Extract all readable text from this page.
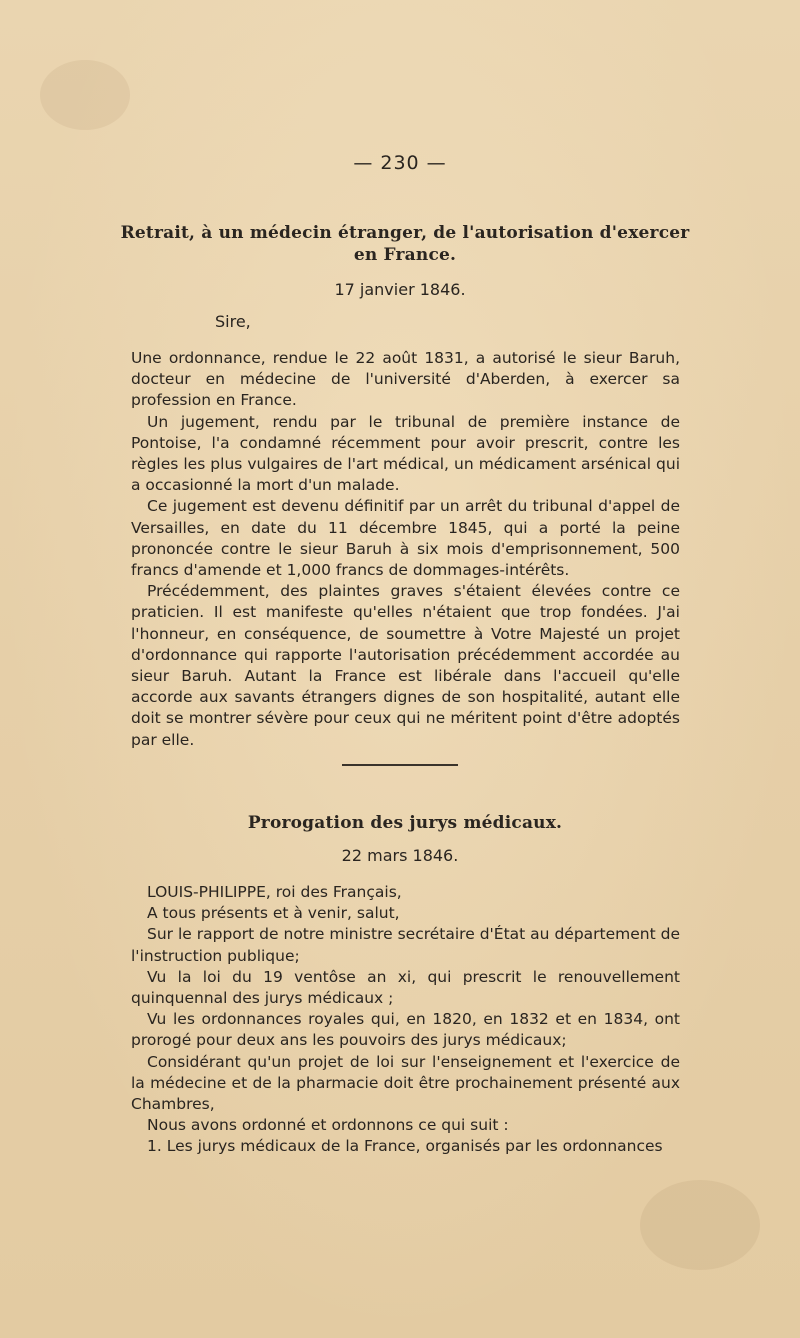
— 230 —
Retrait, à un médecin étranger, de l'autorisation d'exercer en France.
17 janvier 1846.
Sire,

Une ordonnance, rendue le 22 août 1831, a autorisé le sieur Baruh, docteur en médecine de l'université d'Aberden, à exercer sa profession en France.

Un jugement, rendu par le tribunal de première instance de Pontoise, l'a condamné récemment pour avoir prescrit, contre les règles les plus vulgaires de l'art médical, un médicament arsénical qui a occasionné la mort d'un malade.

Ce jugement est devenu définitif par un arrêt du tribunal d'appel de Versailles, en date du 11 décembre 1845, qui a porté la peine prononcée contre le sieur Baruh à six mois d'emprisonnement, 500 francs d'amende et 1,000 francs de dommages-intérêts.

Précédemment, des plaintes graves s'étaient élevées contre ce praticien. Il est manifeste qu'elles n'étaient que trop fondées. J'ai l'honneur, en conséquence, de soumettre à Votre Majesté un projet d'ordonnance qui rapporte l'autorisation précédemment accordée au sieur Baruh. Autant la France est libérale dans l'accueil qu'elle accorde aux savants étrangers dignes de son hospitalité, autant elle doit se montrer sévère pour ceux qui ne méritent point d'être adoptés par elle.

Prorogation des jurys médicaux.
22 mars 1846.

LOUIS-PHILIPPE, roi des Français,

A tous présents et à venir, salut,

Sur le rapport de notre ministre secrétaire d'État au département de l'instruction publique;

Vu la loi du 19 ventôse an xi, qui prescrit le renouvellement quinquennal des jurys médicaux ;

Vu les ordonnances royales qui, en 1820, en 1832 et en 1834, ont prorogé pour deux ans les pouvoirs des jurys médicaux;

Considérant qu'un projet de loi sur l'enseignement et l'exercice de la médecine et de la pharmacie doit être prochainement présenté aux Chambres,

Nous avons ordonné et ordonnons ce qui suit :

1. Les jurys médicaux de la France, organisés par les ordonnances
